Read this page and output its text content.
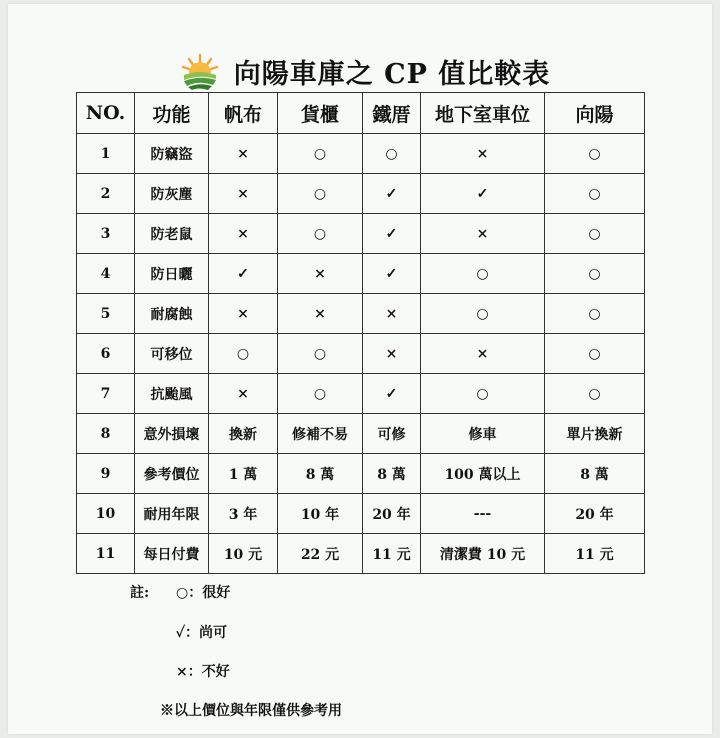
向陽車庫之 CP 值比較表
NO.	功能	帆布	貨櫃	鐵厝	地下室車位	向陽
1	防竊盜	×	○	○	×	○
2	防灰塵	×	○	✓	✓	○
3	防老鼠	×	○	✓	×	○
4	防日曬	✓	×	✓	○	○
5	耐腐蝕	×	×	×	○	○
6	可移位	○	○	×	×	○
7	抗颱風	×	○	✓	○	○
8	意外損壞	換新	修補不易	可修	修車	單片換新
9	參考價位	1 萬	8 萬	8 萬	100 萬以上	8 萬
10	耐用年限	3 年	10 年	20 年	---	20 年
11	每日付費	10 元	22 元	11 元	清潔費 10 元	11 元
註: ○：很好
✓：尚可
×：不好
※以上價位與年限僅供參考用
